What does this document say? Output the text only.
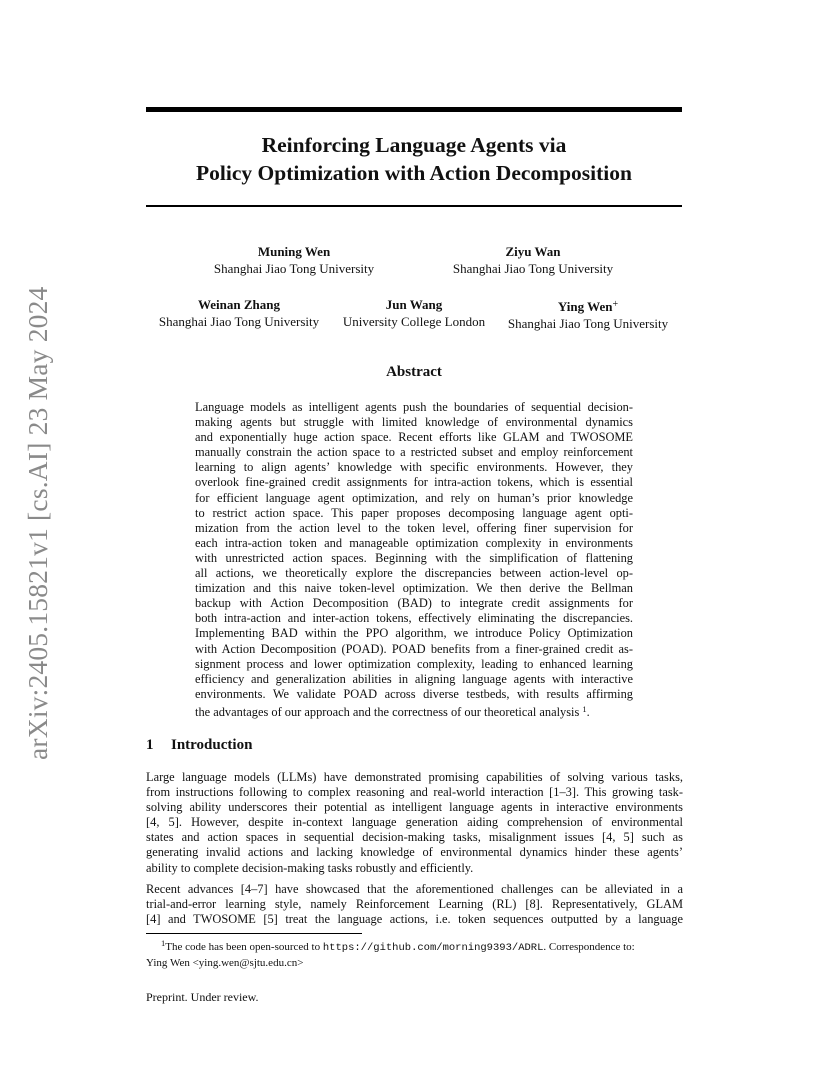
arXiv:2405.15821v1 [cs.AI] 23 May 2024
Reinforcing Language Agents via
Policy Optimization with Action Decomposition
Muning Wen
Shanghai Jiao Tong University
Ziyu Wan
Shanghai Jiao Tong University
Weinan Zhang
Shanghai Jiao Tong University
Jun Wang
University College London
Ying Wen+
Shanghai Jiao Tong University
Abstract
Language models as intelligent agents push the boundaries of sequential decision-
making agents but struggle with limited knowledge of environmental dynamics
and exponentially huge action space. Recent efforts like GLAM and TWOSOME
manually constrain the action space to a restricted subset and employ reinforcement
learning to align agents’ knowledge with specific environments. However, they
overlook fine-grained credit assignments for intra-action tokens, which is essential
for efficient language agent optimization, and rely on human’s prior knowledge
to restrict action space. This paper proposes decomposing language agent opti-
mization from the action level to the token level, offering finer supervision for
each intra-action token and manageable optimization complexity in environments
with unrestricted action spaces. Beginning with the simplification of flattening
all actions, we theoretically explore the discrepancies between action-level op-
timization and this naive token-level optimization. We then derive the Bellman
backup with Action Decomposition (BAD) to integrate credit assignments for
both intra-action and inter-action tokens, effectively eliminating the discrepancies.
Implementing BAD within the PPO algorithm, we introduce Policy Optimization
with Action Decomposition (POAD). POAD benefits from a finer-grained credit as-
signment process and lower optimization complexity, leading to enhanced learning
efficiency and generalization abilities in aligning language agents with interactive
environments. We validate POAD across diverse testbeds, with results affirming
the advantages of our approach and the correctness of our theoretical analysis $^1$.
1 Introduction
Large language models (LLMs) have demonstrated promising capabilities of solving various tasks,
from instructions following to complex reasoning and real-world interaction [1–3]. This growing task-
solving ability underscores their potential as intelligent language agents in interactive environments
[4, 5]. However, despite in-context language generation aiding comprehension of environmental
states and action spaces in sequential decision-making tasks, misalignment issues [4, 5] such as
generating invalid actions and lacking knowledge of environmental dynamics hinder these agents’
ability to complete decision-making tasks robustly and efficiently.
Recent advances [4–7] have showcased that the aforementioned challenges can be alleviated in a
trial-and-error learning style, namely Reinforcement Learning (RL) [8]. Representatively, GLAM
[4] and TWOSOME [5] treat the language actions, i.e. token sequences outputted by a language
$^1$The code has been open-sourced to https://github.com/morning9393/ADRL. Correspondence to:
Ying Wen <ying.wen@sjtu.edu.cn>
Preprint. Under review.
